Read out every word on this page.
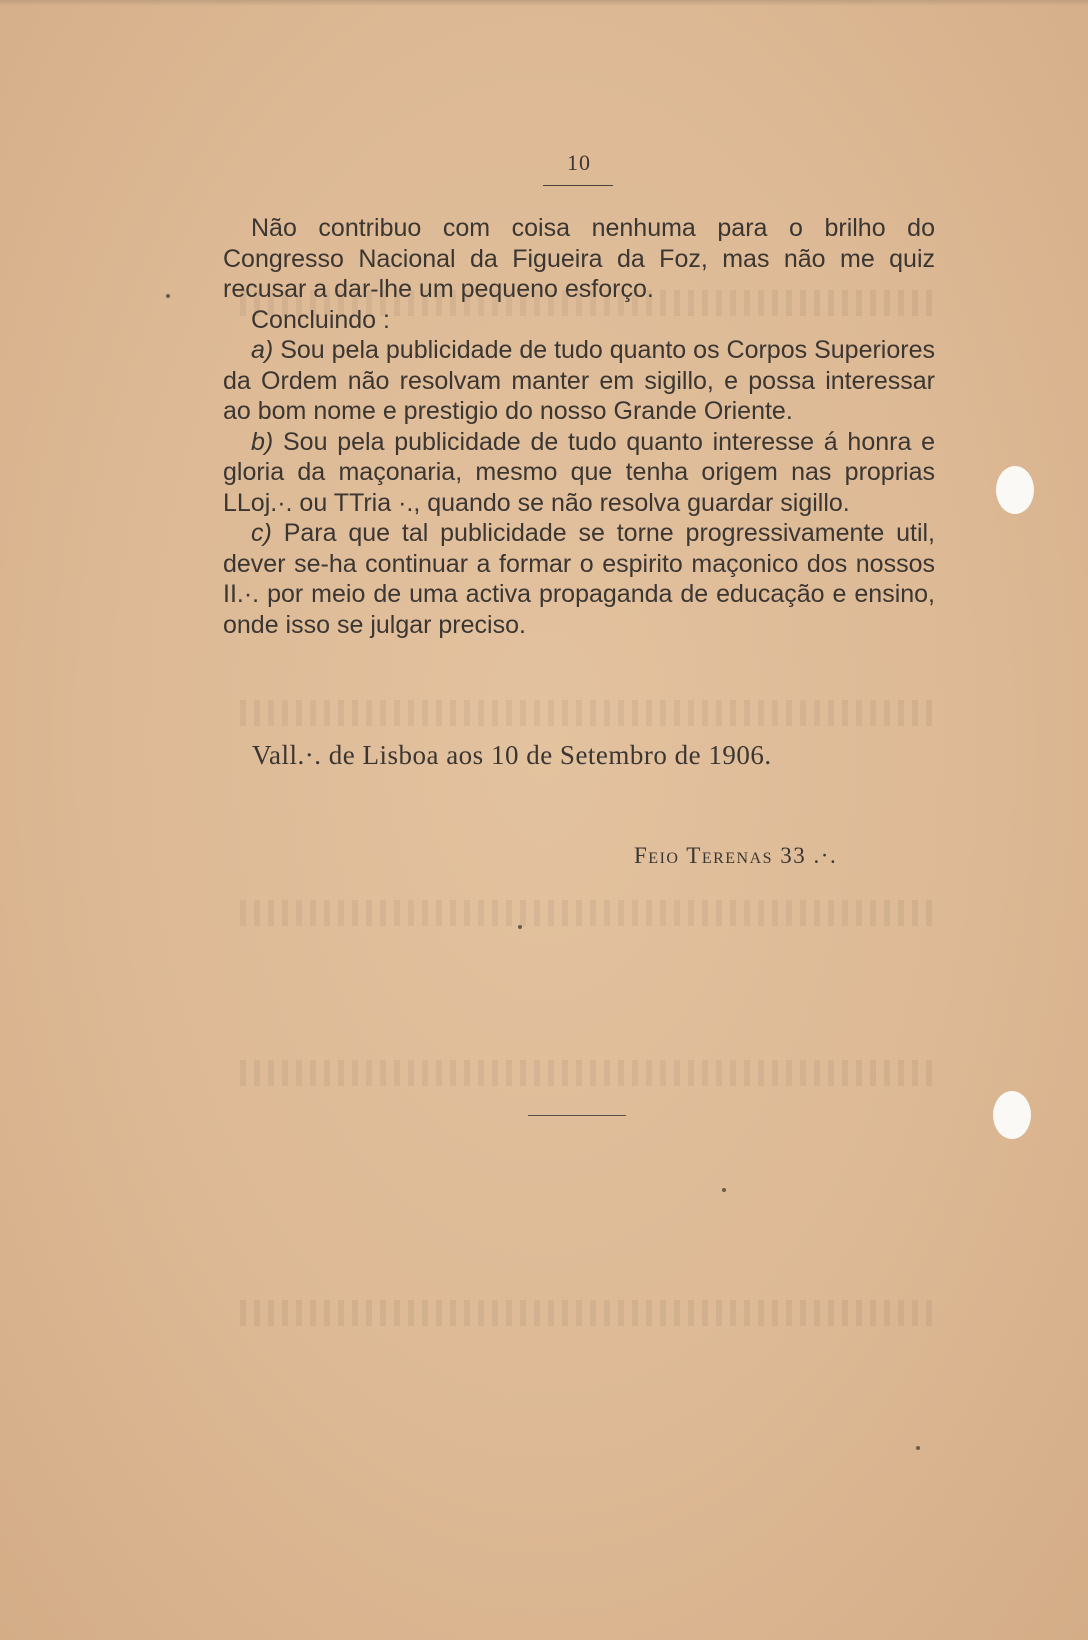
10

Não contribuo com coisa nenhuma para o brilho do Congresso Nacional da Figueira da Foz, mas não me quiz recusar a dar-lhe um pequeno esforço.

Concluindo :

a) Sou pela publicidade de tudo quanto os Corpos Superiores da Ordem não resolvam manter em sigillo, e possa interessar ao bom nome e prestigio do nosso Grande Oriente.

b) Sou pela publicidade de tudo quanto interesse á honra e gloria da maçonaria, mesmo que tenha origem nas proprias LLoj.·. ou TTria ·., quando se não resolva guardar sigillo.

c) Para que tal publicidade se torne progressivamente util, dever se-ha continuar a formar o espirito maçonico dos nossos II.·. por meio de uma activa propaganda de educação e ensino, onde isso se julgar preciso.

Vall.·. de Lisboa aos 10 de Setembro de 1906.
Feio Terenas 33 .·.
